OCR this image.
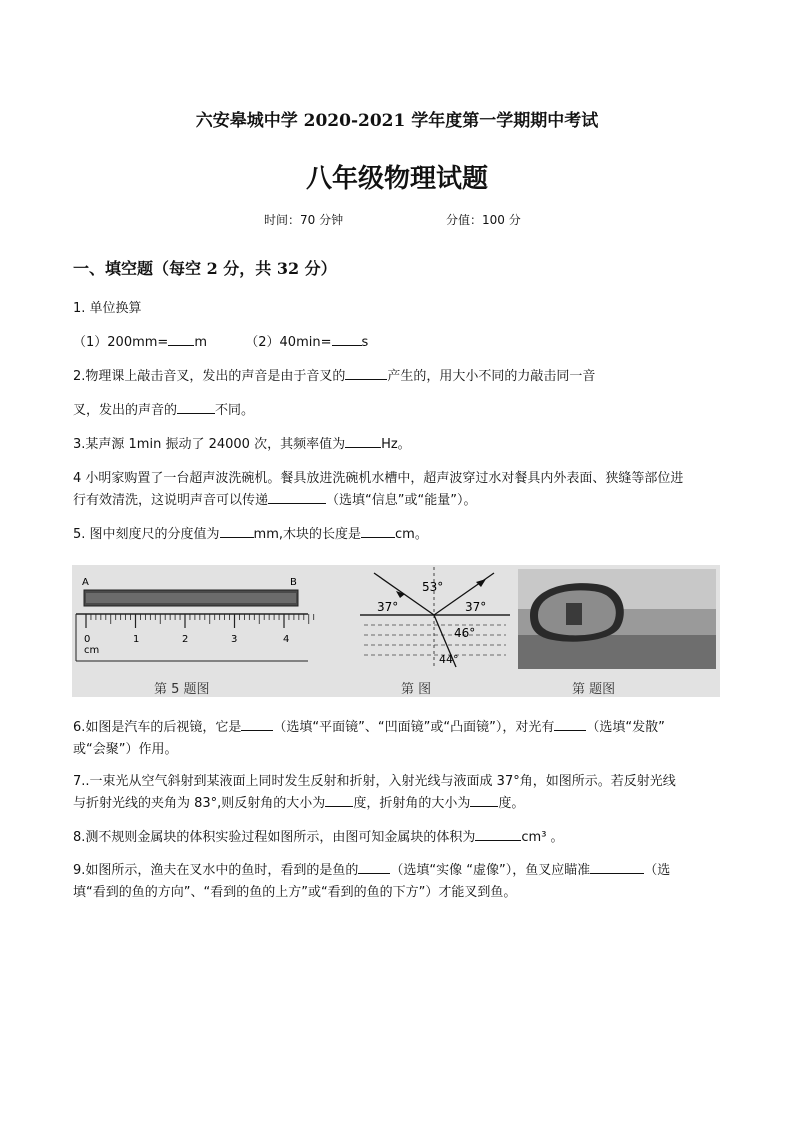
六安皋城中学 2020-2021 学年度第一学期期中考试
八年级物理试题
时间：70 分钟	分值：100 分
一、填空题（每空 2 分，共 32 分）
1. 单位换算
（1）200mm= m	（2）40min= s
2.物理课上敲击音叉，发出的声音是由于音叉的	产生的，用大小不同的力敲击同一音
叉，发出的声音的	不同。
3.某声源 1min 振动了 24000 次，其频率值为	Hz。
4 小明家购置了一台超声波洗碗机。餐具放进洗碗机水槽中，超声波穿过水对餐具内外表面、狭缝等部位进
行有效清洗，这说明声音可以传递	（选填“信息”或“能量”）。
5. 图中刻度尺的分度值为	mm,木块的长度是	cm。
A	B
cm
0	1	2	3	4
53°
37°	37°
46°
44°
第 5 题图	第 图	第 题图
6.如图是汽车的后视镜，它是 （选填“平面镜”、“凹面镜”或“凸面镜”），对光有 （选填“发散”
或“会聚”）作用。
7..一束光从空气斜射到某液面上同时发生反射和折射，入射光线与液面成 37°角，如图所示。若反射光线
与折射光线的夹角为 83°,则反射角的大小为 度，折射角的大小为 度。
8.测不规则金属块的体积实验过程如图所示，由图可知金属块的体积为	cm³ 。
9.如图所示，渔夫在叉水中的鱼时，看到的是鱼的 （选填“实像 “虚像”），鱼叉应瞄准	（选
填“看到的鱼的方向”、“看到的鱼的上方”或“看到的鱼的下方”）才能叉到鱼。
